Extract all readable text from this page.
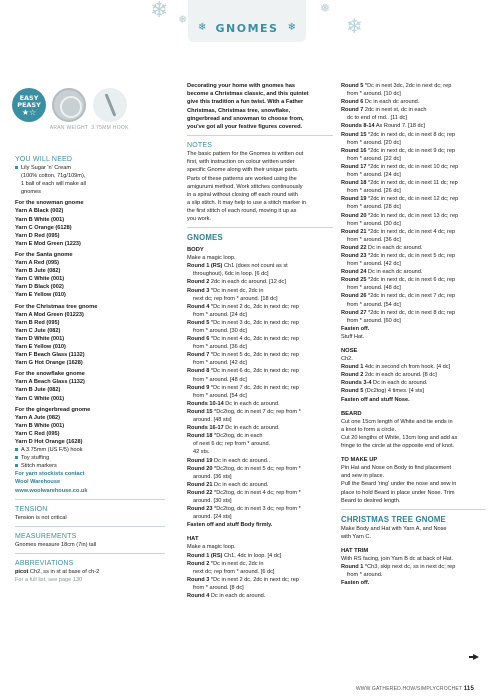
❄ ❅
❅
❄
❄ GNOMES ❄
EASY
PEASY
★☆
ARAN WEIGHT 3.75MM HOOK
YOU WILL NEED
Lily Sugar 'n' Cream
(100% cotton, 71g/109m),
1 ball of each will make all
gnomes
For the snowman gnome
Yarn A Black (002)
Yarn B White (001)
Yarn C Orange (6128)
Yarn D Red (095)
Yarn E Mod Green (1223)
For the Santa gnome
Yarn A Red (095)
Yarn B Jute (082)
Yarn C White (001)
Yarn D Black (002)
Yarn E Yellow (010)
For the Christmas tree gnome
Yarn A Mod Green (01223)
Yarn B Red (095)
Yarn C Jute (082)
Yarn D White (001)
Yarn E Yellow (010)
Yarn F Beach Glass (1132)
Yarn G Hot Orange (1628)
For the snowflake gnome
Yarn A Beach Glass (1132)
Yarn B Jute (082)
Yarn C White (001)
For the gingerbread gnome
Yarn A Jute (082)
Yarn B White (001)
Yarn C Red (095)
Yarn D Hot Orange (1628)
A 3.75mm (US F/5) hook
Toy stuffing
Stitch markers
For yarn stockists contact
Wool Warehouse
www.woolwarehouse.co.uk
TENSION
Tension is not critical
MEASUREMENTS
Gnomes measure 18cm (7in) tall
ABBREVIATIONS
picot Ch2, ss in st at base of ch-2
For a full list, see page 130
Decorating your home with gnomes has
become a Christmas classic, and this quintet
give this tradition a fun twist. With a Father
Christmas, Christmas tree, snowflake,
gingerbread and snowman to choose from,
you've got all your festive figures covered.
NOTES
The basic pattern for the Gnomes is written out
first, with instruction on colour written under
specific Gnome along with their unique parts.
Parts of these patterns are worked using the
amigurumi method. Work stitches continuously
in a spiral without closing off each round with
a slip stitch. It may help to use a stitch marker in
the first stitch of each round, moving it up as
you work.
GNOMES
BODY
Make a magic loop.
Round 1 (RS) Ch1 (does not count as st
throughout), 6dc in loop. [6 dc]
Round 2 2dc in each dc around. [12 dc]
Round 3 *Dc in next dc, 2dc in
next dc; rep from * around. [18 dc]
Round 4 *Dc in next 2 dc, 2dc in next dc; rep
from * around. [24 dc]
Round 5 *Dc in next 3 dc, 2dc in next dc; rep
from * around. [30 dc]
Round 6 *Dc in next 4 dc, 2dc in next dc; rep
from * around. [36 dc]
Round 7 *Dc in next 5 dc, 2dc in next dc; rep
from * around. [42 dc]
Round 8 *Dc in next 6 dc, 2dc in next dc; rep
from * around. [48 dc]
Round 9 *Dc in next 7 dc, 2dc in next dc; rep
from * around. [54 dc]
Rounds 10-14 Dc in each dc around.
Round 15 *Dc2tog, dc in next 7 dc; rep from *
around. [48 sts]
Rounds 16-17 Dc in each dc around.
Round 18 *Dc2tog, dc in each
of next 6 dc; rep from * around.
42 sts.
Round 19 Dc in each dc around..
Round 20 *Dc2tog, dc in next 5 dc; rep from *
around. [36 sts]
Round 21 Dc in each dc around.
Round 22 *Dc2tog, dc in next 4 dc; rep from *
around. [30 sts]
Round 23 *Dc2tog, dc in next 3 dc; rep from *
around. [24 sts]
Fasten off and stuff Body firmly.
HAT
Make a magic loop.
Round 1 (RS) Ch1, 4dc in loop. [4 dc]
Round 2 *Dc in next dc, 2dc in
next dc; rep from * around. [6 dc]
Round 3 *Dc in next 2 dc, 2dc in next dc; rep
from * around. [8 dc]
Round 4 Dc in each dc around.
Round 5 *Dc in next 3dc, 2dc in next dc; rep
from * around. [10 dc]
Round 6 Dc in each dc around.
Round 7 2dc in next st, dc in each
dc to end of rnd.. [11 dc]
Rounds 8-14 As Round 7. [18 dc]
Round 15 *2dc in next dc, dc in next 8 dc; rep
from * around. [20 dc]
Round 16 *2dc in next dc, dc in next 9 dc; rep
from * around. [22 dc]
Round 17 *2dc in next dc, dc in next 10 dc; rep
from * around. [24 dc]
Round 18 *2dc in next dc, dc in next 11 dc; rep
from * around. [26 dc]
Round 19 *2dc in next dc, dc in next 12 dc; rep
from * around. [28 dc]
Round 20 *2dc in next dc, dc in next 13 dc; rep
from * around. [30 dc]
Round 21 *2dc in next dc, dc in next 4 dc; rep
from * around. [36 dc]
Round 22 Dc in each dc around.
Round 23 *2dc in next dc, dc in next 5 dc; rep
from * around. [42 dc]
Round 24 Dc in each dc around.
Round 25 *2dc in next dc, dc in next 6 dc; rep
from * around. [48 dc]
Round 26 *2dc in next dc, dc in next 7 dc; rep
from * around. [54 dc]
Round 27 *2dc in next dc, dc in next 8 dc; rep
from * around. [60 dc]
Fasten off.
Stuff Hat.
NOSE
Ch2.
Round 1 4dc in second ch from hook. [4 dc]
Round 2 2dc in each dc around. [8 dc]
Rounds 3-4 Dc in each dc around.
Round 5 (Dc2tog) 4 times. [4 sts]
Fasten off and stuff Nose.
BEARD
Cut one 15cm length of White and tie ends in
a knot to form a circle.
Cut 20 lengths of White, 13cm long and add as
fringe to the circle at the opposite end of knot.
TO MAKE UP
Pin Hat and Nose on Body to find placement
and sew in place.
Pull the Beard 'ring' under the nose and sew in
place to hold Beard in place under Nose. Trim
Beard to desired length.
CHRISTMAS TREE GNOME
Make Body and Hat with Yarn A, and Nose
with Yarn C.
HAT TRIM
With RS facing, join Yarn B dc at back of Hat.
Round 1 *Ch3, skip next dc, ss in next dc; rep
from * around.
Fasten off.
WWW.GATHERED.HOW/SIMPLYCROCHET 115
